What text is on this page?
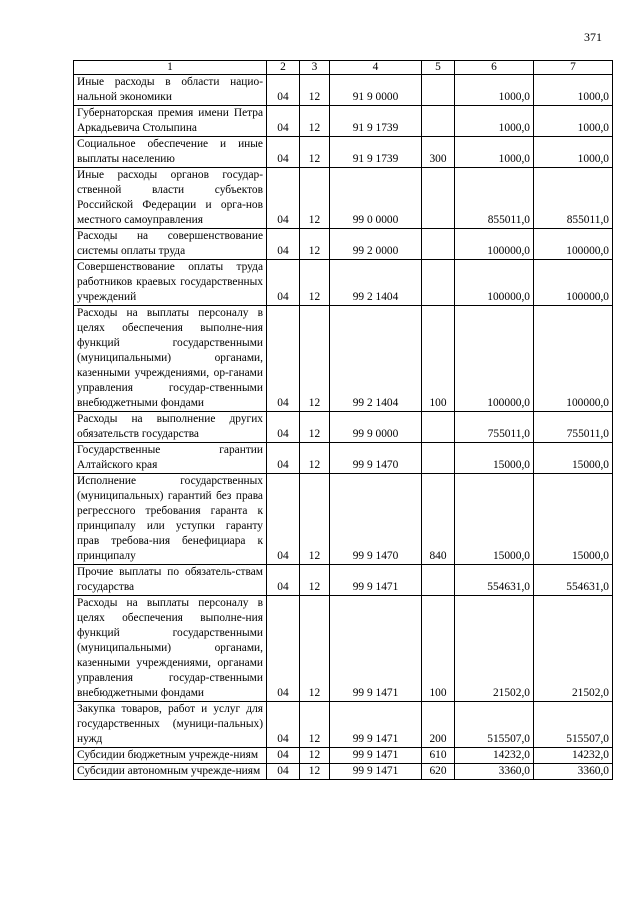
371
1	2	3	4	5	6	7
Иные расходы в области нацио-нальной экономики	04	12	91 9 0000		1000,0	1000,0
Губернаторская премия имени Петра Аркадьевича Столыпина	04	12	91 9 1739		1000,0	1000,0
Социальное обеспечение и иные выплаты населению	04	12	91 9 1739	300	1000,0	1000,0
Иные расходы органов государ-ственной власти субъектов Российской Федерации и орга-нов местного самоуправления	04	12	99 0 0000		855011,0	855011,0
Расходы на совершенствование системы оплаты труда	04	12	99 2 0000		100000,0	100000,0
Совершенствование оплаты труда работников краевых государственных учреждений	04	12	99 2 1404		100000,0	100000,0
Расходы на выплаты персоналу в целях обеспечения выполне-ния функций государственными (муниципальными) органами, казенными учреждениями, ор-ганами управления государ-ственными внебюджетными фондами	04	12	99 2 1404	100	100000,0	100000,0
Расходы на выполнение других обязательств государства	04	12	99 9 0000		755011,0	755011,0
Государственные гарантии Алтайского края	04	12	99 9 1470		15000,0	15000,0
Исполнение государственных (муниципальных) гарантий без права регрессного требования гаранта к принципалу или уступки гаранту прав требова-ния бенефициара к принципалу	04	12	99 9 1470	840	15000,0	15000,0
Прочие выплаты по обязатель-ствам государства	04	12	99 9 1471		554631,0	554631,0
Расходы на выплаты персоналу в целях обеспечения выполне-ния функций государственными (муниципальными) органами, казенными учреждениями, органами управления государ-ственными внебюджетными фондами	04	12	99 9 1471	100	21502,0	21502,0
Закупка товаров, работ и услуг для государственных (муници-пальных) нужд	04	12	99 9 1471	200	515507,0	515507,0
Субсидии бюджетным учрежде-ниям	04	12	99 9 1471	610	14232,0	14232,0
Субсидии автономным учрежде-ниям	04	12	99 9 1471	620	3360,0	3360,0
